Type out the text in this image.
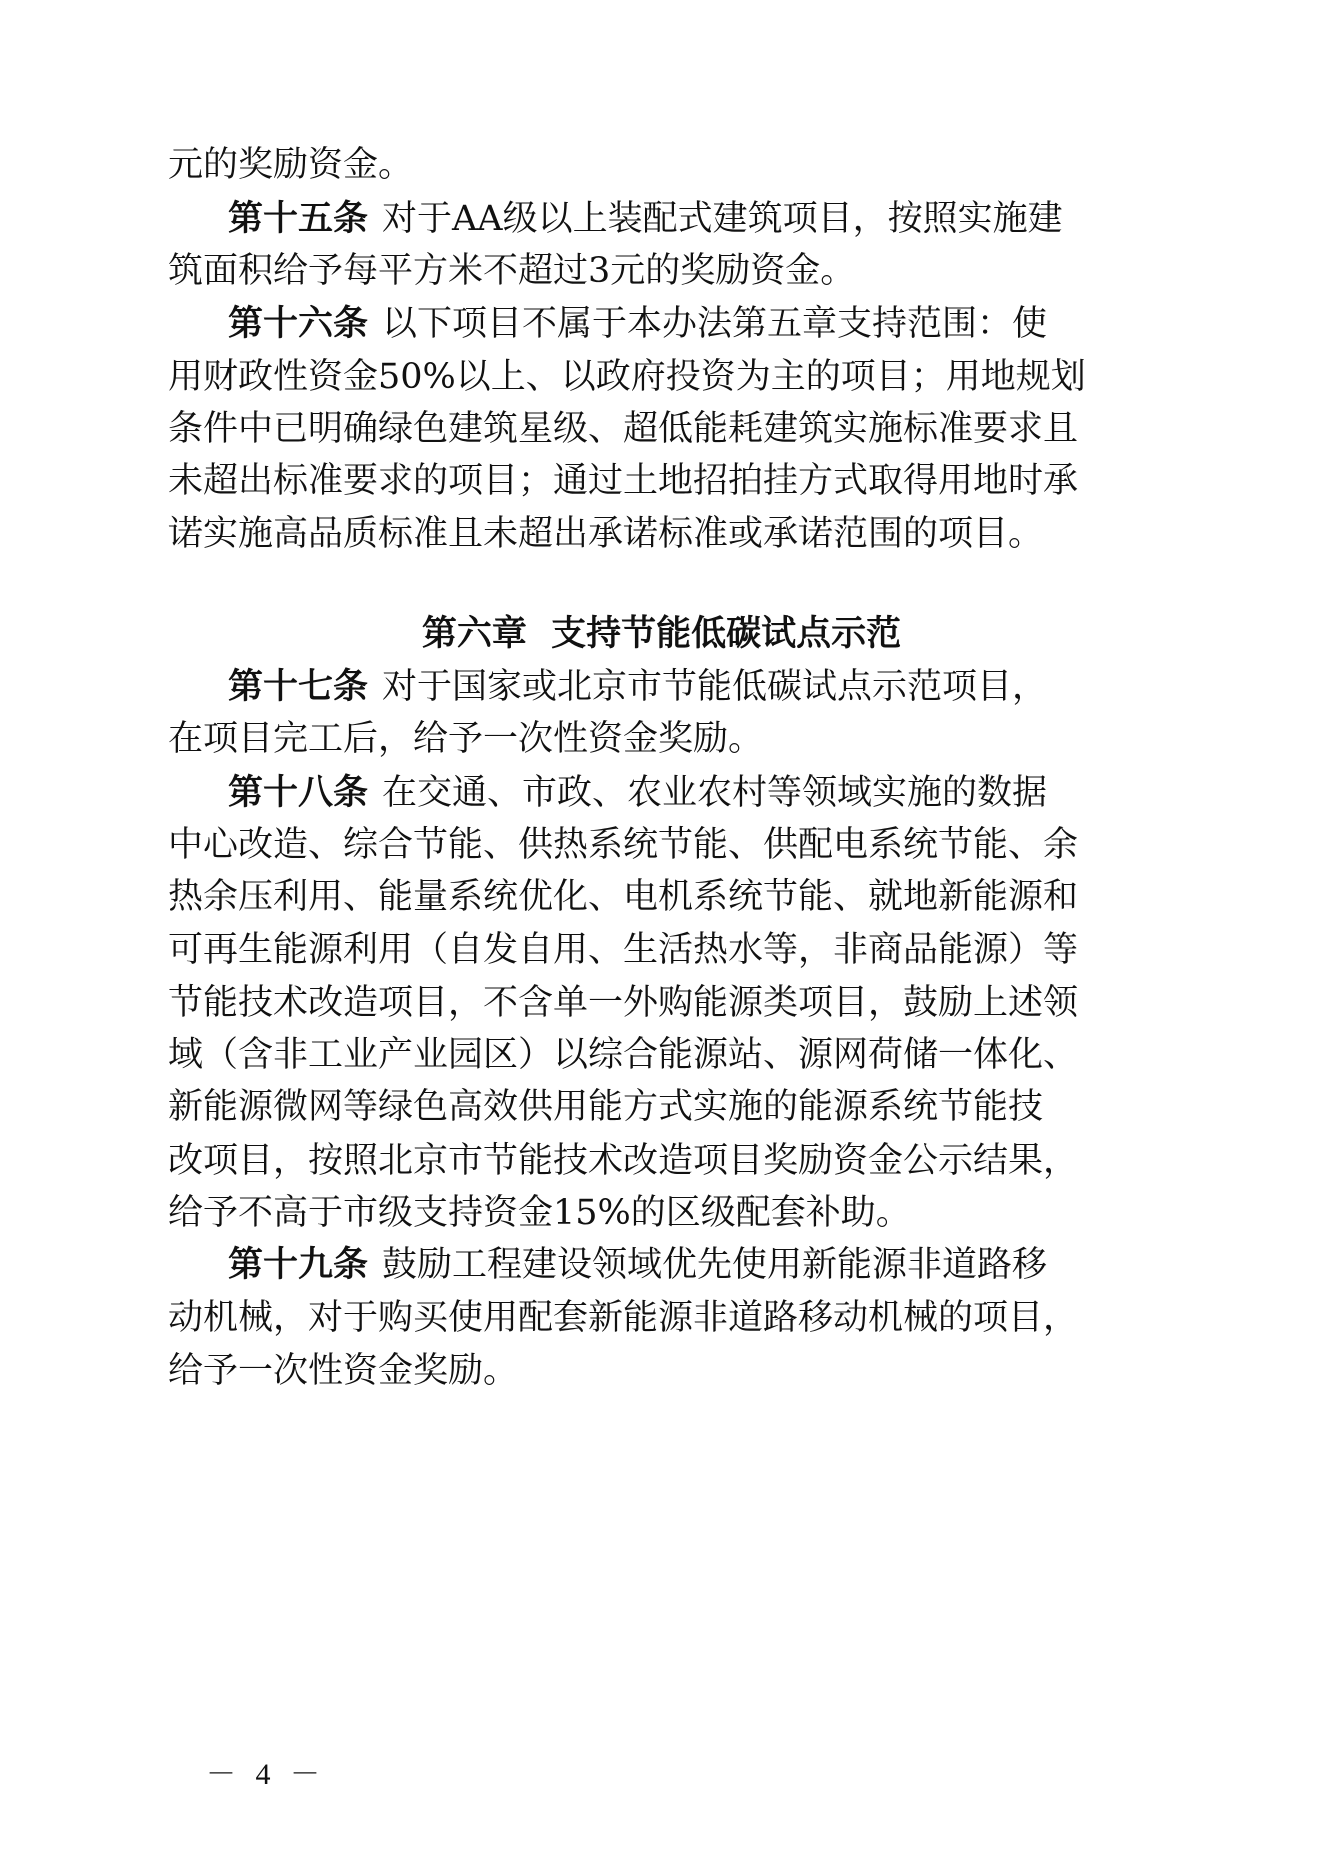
元的奖励资金。
第十五条 对于AA级以上装配式建筑项目，按照实施建
筑面积给予每平方米不超过3元的奖励资金。
第十六条 以下项目不属于本办法第五章支持范围：使
用财政性资金50%以上、以政府投资为主的项目；用地规划
条件中已明确绿色建筑星级、超低能耗建筑实施标准要求且
未超出标准要求的项目；通过土地招拍挂方式取得用地时承
诺实施高品质标准且未超出承诺标准或承诺范围的项目。
第六章  支持节能低碳试点示范
第十七条 对于国家或北京市节能低碳试点示范项目，
在项目完工后，给予一次性资金奖励。
第十八条 在交通、市政、农业农村等领域实施的数据
中心改造、综合节能、供热系统节能、供配电系统节能、余
热余压利用、能量系统优化、电机系统节能、就地新能源和
可再生能源利用（自发自用、生活热水等，非商品能源）等
节能技术改造项目，不含单一外购能源类项目，鼓励上述领
域（含非工业产业园区）以综合能源站、源网荷储一体化、
新能源微网等绿色高效供用能方式实施的能源系统节能技
改项目，按照北京市节能技术改造项目奖励资金公示结果，
给予不高于市级支持资金15%的区级配套补助。
第十九条 鼓励工程建设领域优先使用新能源非道路移
动机械，对于购买使用配套新能源非道路移动机械的项目，
给予一次性资金奖励。
－ 4 －
